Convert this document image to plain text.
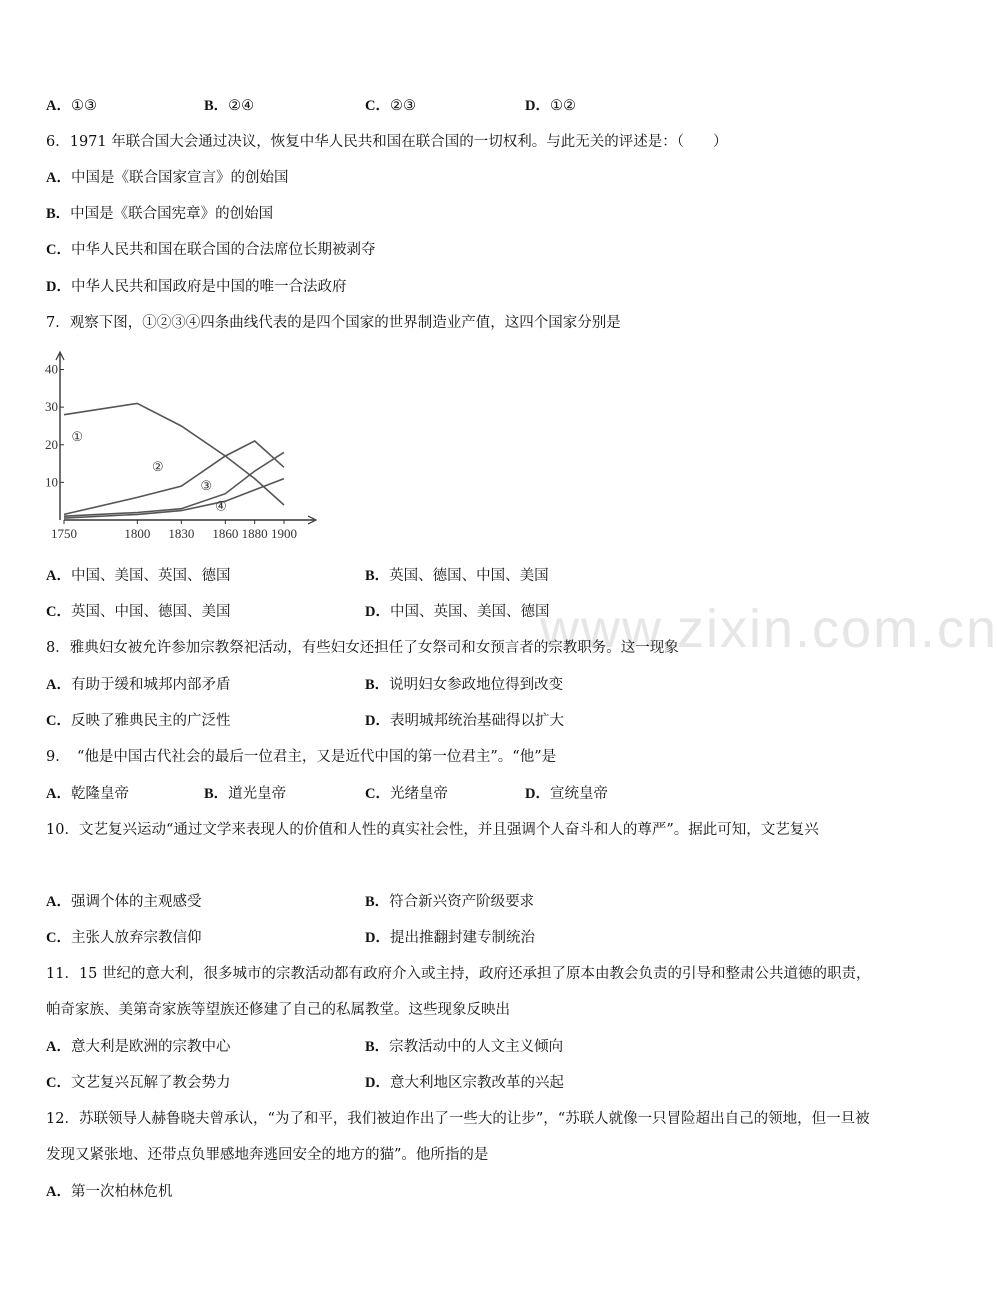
www.zixin.com.cn
A．①③	B．②④	C．②③	D．①②
6．1971 年联合国大会通过决议，恢复中华人民共和国在联合国的一切权利。与此无关的评述是：（　　）
A．中国是《联合国家宣言》的创始国
B．中国是《联合国宪章》的创始国
C．中华人民共和国在联合国的合法席位长期被剥夺
D．中华人民共和国政府是中国的唯一合法政府
7．观察下图，①②③④四条曲线代表的是四个国家的世界制造业产值，这四个国家分别是
①
②
③
④
1750	1800 1830 1860 1880 1900
10
20
30
40
A．中国、美国、英国、德国	B．英国、德国、中国、美国
C．英国、中国、德国、美国	D．中国、英国、美国、德国
8．雅典妇女被允许参加宗教祭祀活动，有些妇女还担任了女祭司和女预言者的宗教职务。这一现象
A．有助于缓和城邦内部矛盾	B．说明妇女参政地位得到改变
C．反映了雅典民主的广泛性	D．表明城邦统治基础得以扩大
9．　“他是中国古代社会的最后一位君主，又是近代中国的第一位君主”。“他”是
A．乾隆皇帝	B．道光皇帝	C．光绪皇帝	D．宣统皇帝
10．文艺复兴运动“通过文学来表现人的价值和人性的真实社会性，并且强调个人奋斗和人的尊严”。据此可知，文艺复兴
A．强调个体的主观感受	B．符合新兴资产阶级要求
C．主张人放弃宗教信仰	D．提出推翻封建专制统治
11．15 世纪的意大利，很多城市的宗教活动都有政府介入或主持，政府还承担了原本由教会负责的引导和整肃公共道德的职责，帕奇家族、美第奇家族等望族还修建了自己的私属教堂。这些现象反映出
A．意大利是欧洲的宗教中心	B．宗教活动中的人文主义倾向
C．文艺复兴瓦解了教会势力	D．意大利地区宗教改革的兴起
12．苏联领导人赫鲁晓夫曾承认，“为了和平，我们被迫作出了一些大的让步”，“苏联人就像一只冒险超出自己的领地，但一旦被发现又紧张地、还带点负罪感地奔逃回安全的地方的猫”。他所指的是
A．第一次柏林危机
